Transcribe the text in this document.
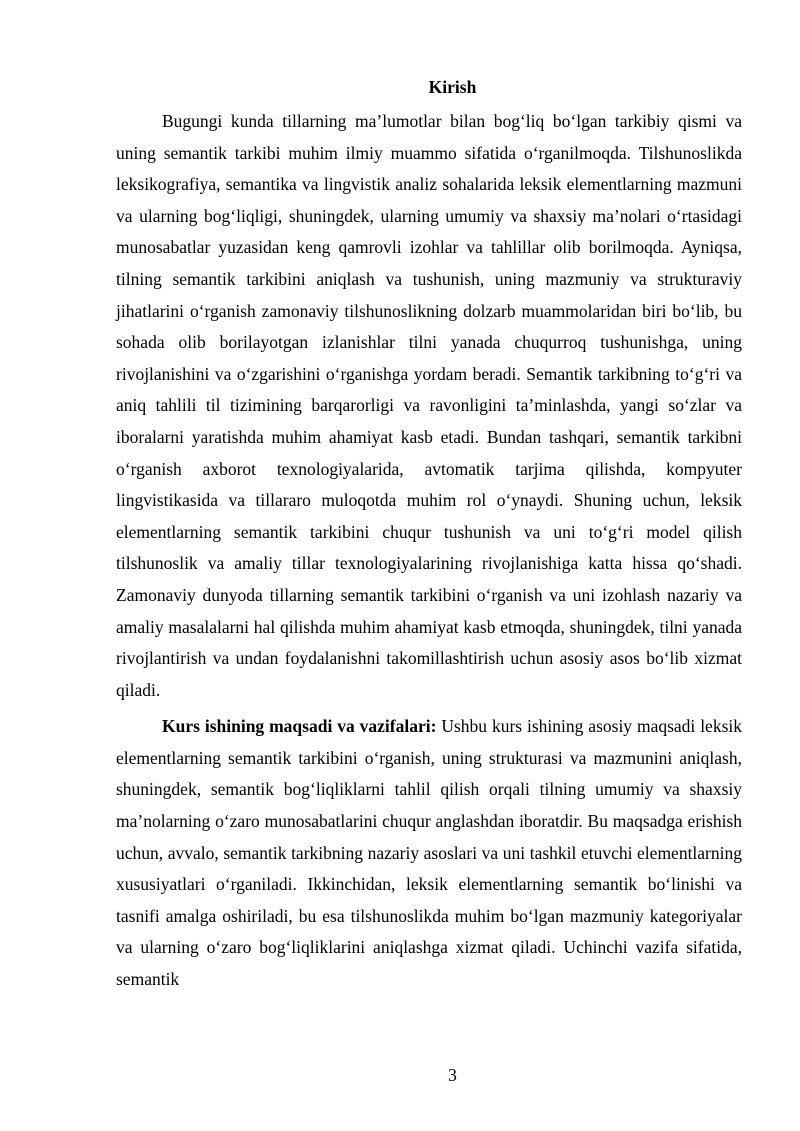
Kirish

Bugungi kunda tillarning ma’lumotlar bilan bog‘liq bo‘lgan tarkibiy qismi va uning semantik tarkibi muhim ilmiy muammo sifatida o‘rganilmoqda. Tilshunoslikda leksikografiya, semantika va lingvistik analiz sohalarida leksik elementlarning mazmuni va ularning bog‘liqligi, shuningdek, ularning umumiy va shaxsiy ma’nolari o‘rtasidagi munosabatlar yuzasidan keng qamrovli izohlar va tahlillar olib borilmoqda. Ayniqsa, tilning semantik tarkibini aniqlash va tushunish, uning mazmuniy va strukturaviy jihatlarini o‘rganish zamonaviy tilshunoslikning dolzarb muammolaridan biri bo‘lib, bu sohada olib borilayotgan izlanishlar tilni yanada chuqurroq tushunishga, uning rivojlanishini va o‘zgarishini o‘rganishga yordam beradi. Semantik tarkibning to‘g‘ri va aniq tahlili til tizimining barqarorligi va ravonligini ta’minlashda, yangi so‘zlar va iboralarni yaratishda muhim ahamiyat kasb etadi. Bundan tashqari, semantik tarkibni o‘rganish axborot texnologiyalarida, avtomatik tarjima qilishda, kompyuter lingvistikasida va tillararo muloqotda muhim rol o‘ynaydi. Shuning uchun, leksik elementlarning semantik tarkibini chuqur tushunish va uni to‘g‘ri model qilish tilshunoslik va amaliy tillar texnologiyalarining rivojlanishiga katta hissa qo‘shadi. Zamonaviy dunyoda tillarning semantik tarkibini o‘rganish va uni izohlash nazariy va amaliy masalalarni hal qilishda muhim ahamiyat kasb etmoqda, shuningdek, tilni yanada rivojlantirish va undan foydalanishni takomillashtirish uchun asosiy asos bo‘lib xizmat qiladi.

Kurs ishining maqsadi va vazifalari: Ushbu kurs ishining asosiy maqsadi leksik elementlarning semantik tarkibini o‘rganish, uning strukturasi va mazmunini aniqlash, shuningdek, semantik bog‘liqliklarni tahlil qilish orqali tilning umumiy va shaxsiy ma’nolarning o‘zaro munosabatlarini chuqur anglashdan iboratdir. Bu maqsadga erishish uchun, avvalo, semantik tarkibning nazariy asoslari va uni tashkil etuvchi elementlarning xususiyatlari o‘rganiladi. Ikkinchidan, leksik elementlarning semantik bo‘linishi va tasnifi amalga oshiriladi, bu esa tilshunoslikda muhim bo‘lgan mazmuniy kategoriyalar va ularning o‘zaro bog‘liqliklarini aniqlashga xizmat qiladi. Uchinchi vazifa sifatida, semantik

3
